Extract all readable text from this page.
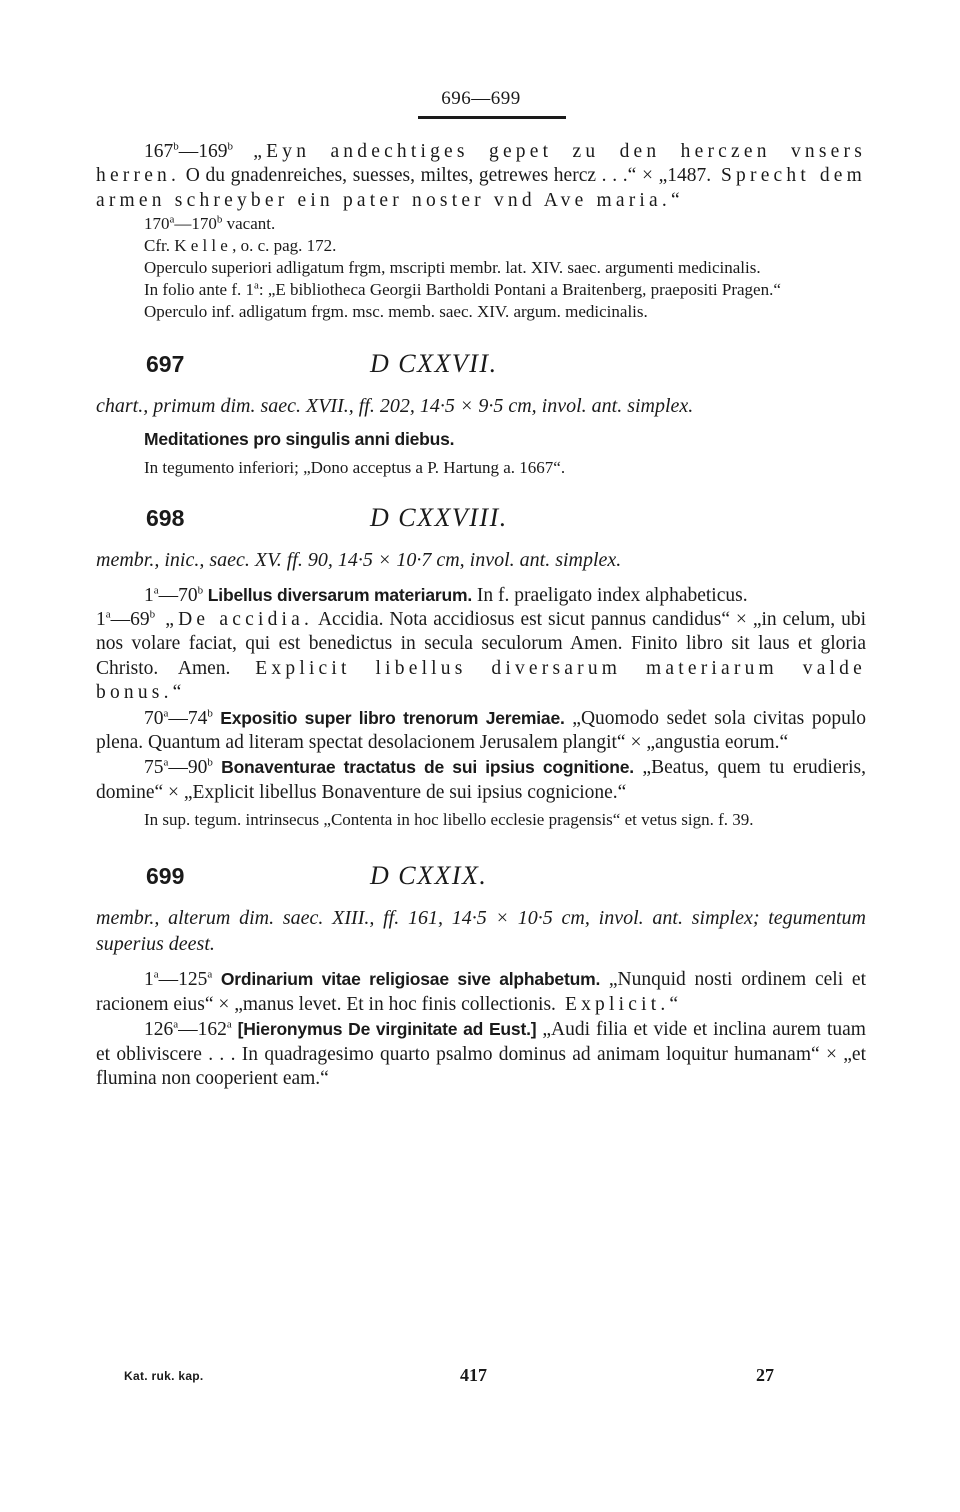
696—699

167$^b$—169$^b$ „Eyn andechtiges gepet zu den herczen vnsers herren. O du gnadenreiches, suesses, miltes, getrewes hercz . . .“ × „1487. Sprecht dem armen schreyber ein pater noster vnd Ave maria.“

170$^a$—170$^b$ vacant.

Cfr. Kelle, o. c. pag. 172.

Operculo superiori adligatum frgm, mscripti membr. lat. XIV. saec. argumenti medicinalis.

In folio ante f. 1$^a$: „E bibliotheca Georgii Bartholdi Pontani a Braitenberg, praepositi Pragen.“

Operculo inf. adligatum frgm. msc. memb. saec. XIV. argum. medicinalis.

697	D CXXVII.

chart., primum dim. saec. XVII., ff. 202, 14·5 × 9·5 cm, invol. ant. simplex.

Meditationes pro singulis anni diebus.

In tegumento inferiori; „Dono acceptus a P. Hartung a. 1667“.

698	D CXXVIII.

membr., inic., saec. XV. ff. 90, 14·5 × 10·7 cm, invol. ant. simplex.

1$^a$—70$^b$ Libellus diversarum materiarum. In f. praeligato index alphabeticus.

1$^a$—69$^b$ „De accidia. Accidia. Nota accidiosus est sicut pannus candidus“ × „in celum, ubi nos volare faciat, qui est benedictus in secula seculorum Amen. Finito libro sit laus et gloria Christo. Amen. Explicit libellus diversarum materiarum valde bonus.“

70$^a$—74$^b$ Expositio super libro trenorum Jeremiae. „Quomodo sedet sola civitas populo plena. Quantum ad literam spectat desolacionem Jerusalem plangit“ × „angustia eorum.“

75$^a$—90$^b$ Bonaventurae tractatus de sui ipsius cognitione. „Beatus, quem tu erudieris, domine“ × „Explicit libellus Bonaventure de sui ipsius cognicione.“

In sup. tegum. intrinsecus „Contenta in hoc libello ecclesie pragensis“ et vetus sign. f. 39.

699	D CXXIX.

membr., alterum dim. saec. XIII., ff. 161, 14·5 × 10·5 cm, invol. ant. simplex; tegumentum superius deest.

1$^a$—125$^a$ Ordinarium vitae religiosae sive alphabetum. „Nunquid nosti ordinem celi et racionem eius“ × „manus levet. Et in hoc finis collectionis. Explicit.“

126$^a$—162$^a$ [Hieronymus De virginitate ad Eust.] „Audi filia et vide et inclina aurem tuam et obliviscere . . . In quadragesimo quarto psalmo dominus ad animam loquitur humanam“ × „et flumina non cooperient eam.“

Kat. ruk. kap.	417	27
